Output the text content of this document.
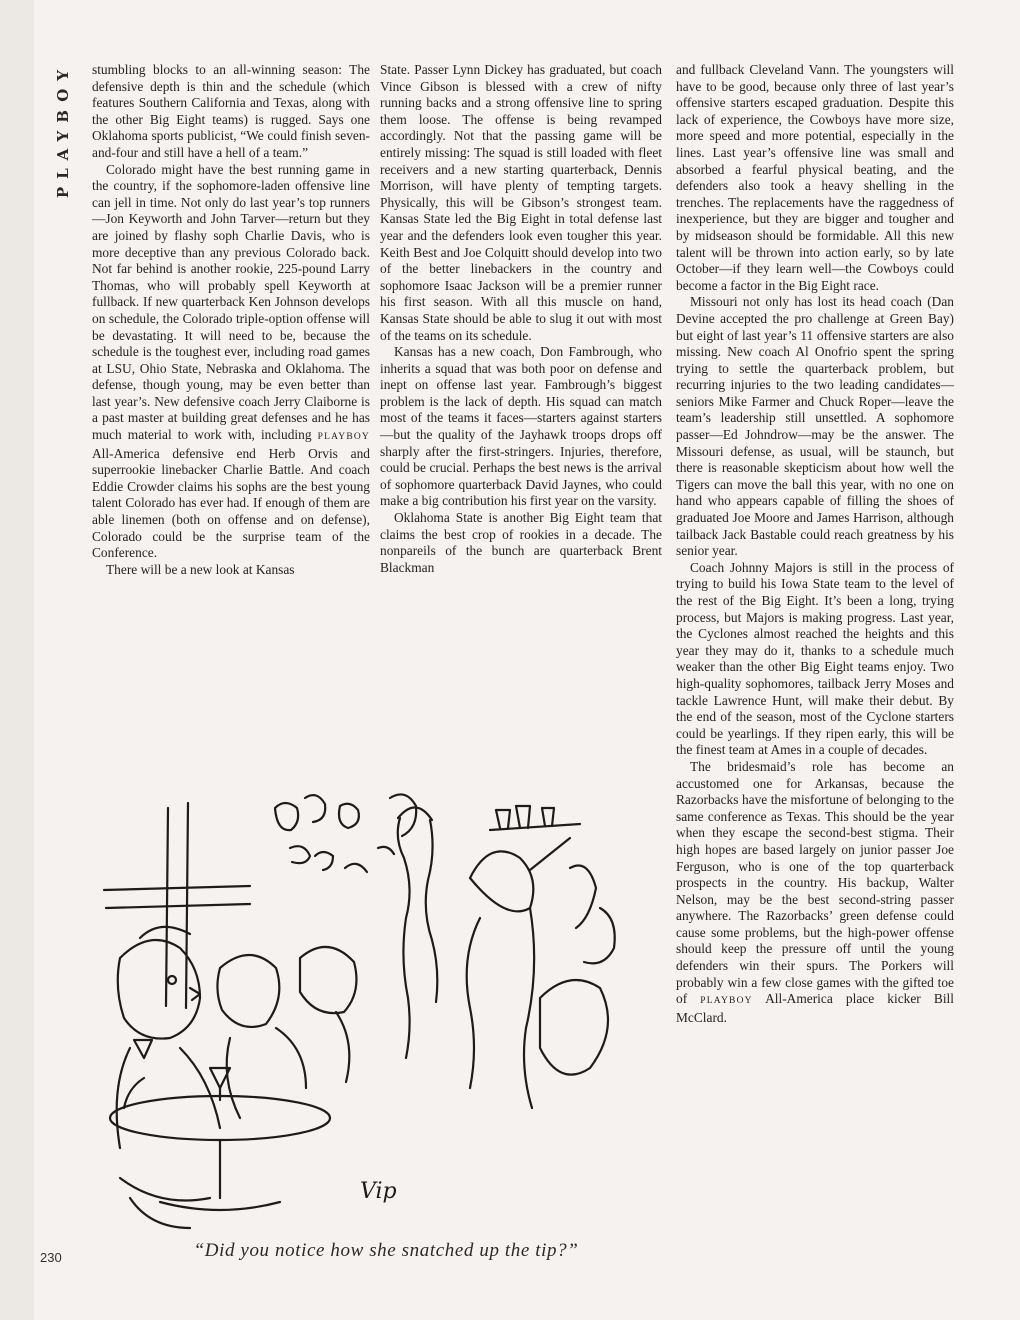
PLAYBOY stumbling blocks to an all-winning season: The defensive depth is thin and the schedule (which features Southern California and Texas, along with the other Big Eight teams) is rugged. Says one Oklahoma sports publicist, “We could finish seven-and-four and still have a hell of a team.”

Colorado might have the best running game in the country, if the sophomore-laden offensive line can jell in time. Not only do last year’s top runners—Jon Keyworth and John Tarver—return but they are joined by flashy soph Charlie Davis, who is more deceptive than any previous Colorado back. Not far behind is another rookie, 225-pound Larry Thomas, who will probably spell Keyworth at fullback. If new quarterback Ken Johnson develops on schedule, the Colorado triple-option offense will be devastating. It will need to be, because the schedule is the toughest ever, including road games at LSU, Ohio State, Nebraska and Oklahoma. The defense, though young, may be even better than last year’s. New defensive coach Jerry Claiborne is a past master at building great defenses and he has much material to work with, including PLAYBOY All-America defensive end Herb Orvis and superrookie linebacker Charlie Battle. And coach Eddie Crowder claims his sophs are the best young talent Colorado has ever had. If enough of them are able linemen (both on offense and on defense), Colorado could be the surprise team of the Conference.

There will be a new look at Kansas

State. Passer Lynn Dickey has graduated, but coach Vince Gibson is blessed with a crew of nifty running backs and a strong offensive line to spring them loose. The offense is being revamped accordingly. Not that the passing game will be entirely missing: The squad is still loaded with fleet receivers and a new starting quarterback, Dennis Morrison, will have plenty of tempting targets. Physically, this will be Gibson’s strongest team. Kansas State led the Big Eight in total defense last year and the defenders look even tougher this year. Keith Best and Joe Colquitt should develop into two of the better linebackers in the country and sophomore Isaac Jackson will be a premier runner his first season. With all this muscle on hand, Kansas State should be able to slug it out with most of the teams on its schedule.

Kansas has a new coach, Don Fambrough, who inherits a squad that was both poor on defense and inept on offense last year. Fambrough’s biggest problem is the lack of depth. His squad can match most of the teams it faces—starters against starters—but the quality of the Jayhawk troops drops off sharply after the first-stringers. Injuries, therefore, could be crucial. Perhaps the best news is the arrival of sophomore quarterback David Jaynes, who could make a big contribution his first year on the varsity.

Oklahoma State is another Big Eight team that claims the best crop of rookies in a decade. The nonpareils of the bunch are quarterback Brent Blackman

and fullback Cleveland Vann. The youngsters will have to be good, because only three of last year’s offensive starters escaped graduation. Despite this lack of experience, the Cowboys have more size, more speed and more potential, especially in the lines. Last year’s offensive line was small and absorbed a fearful physical beating, and the defenders also took a heavy shelling in the trenches. The replacements have the raggedness of inexperience, but they are bigger and tougher and by midseason should be formidable. All this new talent will be thrown into action early, so by late October—if they learn well—the Cowboys could become a factor in the Big Eight race.

Missouri not only has lost its head coach (Dan Devine accepted the pro challenge at Green Bay) but eight of last year’s 11 offensive starters are also missing. New coach Al Onofrio spent the spring trying to settle the quarterback problem, but recurring injuries to the two leading candidates—seniors Mike Farmer and Chuck Roper—leave the team’s leadership still unsettled. A sophomore passer—Ed Johndrow—may be the answer. The Missouri defense, as usual, will be staunch, but there is reasonable skepticism about how well the Tigers can move the ball this year, with no one on hand who appears capable of filling the shoes of graduated Joe Moore and James Harrison, although tailback Jack Bastable could reach greatness by his senior year.

Coach Johnny Majors is still in the process of trying to build his Iowa State team to the level of the rest of the Big Eight. It’s been a long, trying process, but Majors is making progress. Last year, the Cyclones almost reached the heights and this year they may do it, thanks to a schedule much weaker than the other Big Eight teams enjoy. Two high-quality sophomores, tailback Jerry Moses and tackle Lawrence Hunt, will make their debut. By the end of the season, most of the Cyclone starters could be yearlings. If they ripen early, this will be the finest team at Ames in a couple of decades.

The bridesmaid’s role has become an accustomed one for Arkansas, because the Razorbacks have the misfortune of belonging to the same conference as Texas. This should be the year when they escape the second-best stigma. Their high hopes are based largely on junior passer Joe Ferguson, who is one of the top quarterback prospects in the country. His backup, Walter Nelson, may be the best second-string passer anywhere. The Razorbacks’ green defense could cause some problems, but the high-power offense should keep the pressure off until the young defenders win their spurs. The Porkers will probably win a few close games with the gifted toe of PLAYBOY All-America place kicker Bill McClard.

Vip
“Did you notice how she snatched up the tip?”
230
